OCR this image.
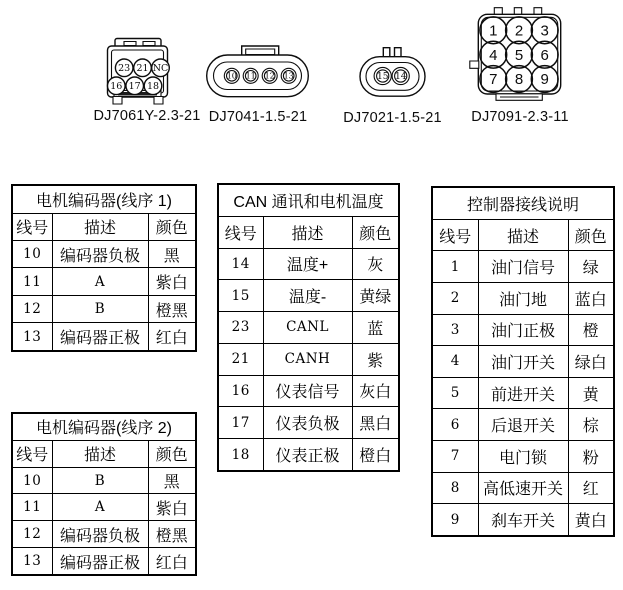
23 21 NC
16 17 18
DJ7061Y-2.3-21
10 11 12 13
DJ7041-1.5-21
15 14
DJ7021-1.5-21
1 2 3
4 5 6
7 8 9
DJ7091-2.3-11
电机编码器(线序 1)		
线号	描述	颜色
10	编码器负极	黑
11	A	紫白
12	B	橙黑
13	编码器正极	红白
电机编码器(线序 2)		
线号	描述	颜色
10	B	黑
11	A	紫白
12	编码器负极	橙黑
13	编码器正极	红白
CAN 通讯和电机温度		
线号	描述	颜色
14	温度+	灰
15	温度-	黄绿
23	CANL	蓝
21	CANH	紫
16	仪表信号	灰白
17	仪表负极	黑白
18	仪表正极	橙白
控制器接线说明		
线号	描述	颜色
1	油门信号	绿
2	油门地	蓝白
3	油门正极	橙
4	油门开关	绿白
5	前进开关	黄
6	后退开关	棕
7	电门锁	粉
8	高低速开关	红
9	刹车开关	黄白
